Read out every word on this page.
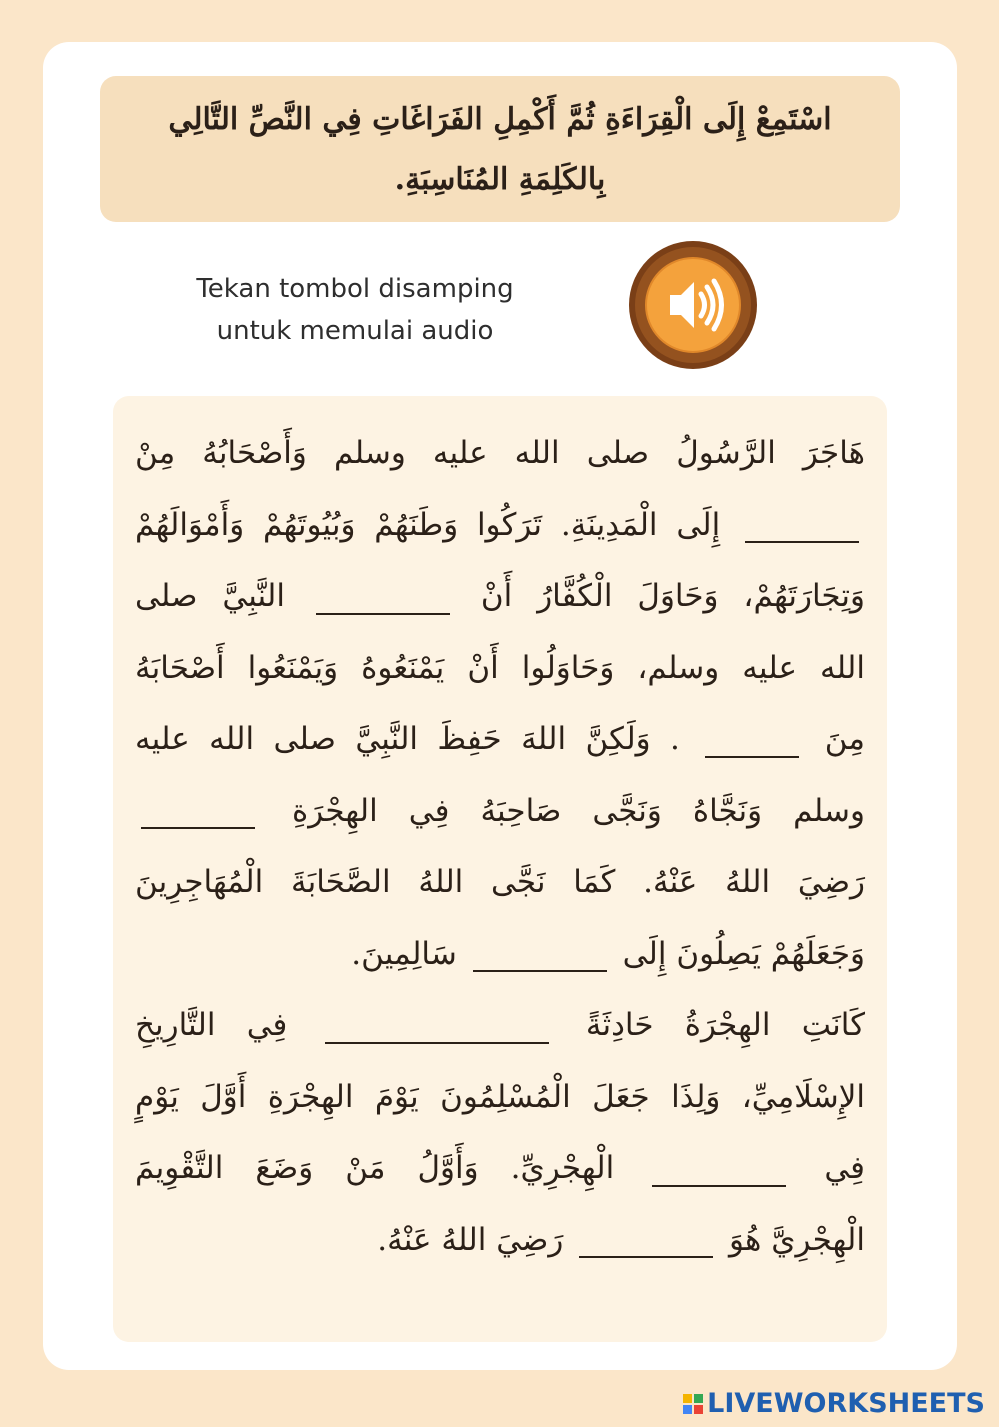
اسْتَمِعْ إِلَى الْقِرَاءَةِ ثُمَّ أَكْمِلِ الفَرَاغَاتِ فِي النَّصِّ التَّالِي بِالكَلِمَةِ المُنَاسِبَةِ.
Tekan tombol disamping
untuk memulai audio
هَاجَرَ الرَّسُولُ صلى الله عليه وسلم وَأَصْحَابُهُ مِنْ
إِلَى الْمَدِينَةِ. تَرَكُوا وَطَنَهُمْ وَبُيُوتَهُمْ وَأَمْوَالَهُمْ
وَتِجَارَتَهُمْ، وَحَاوَلَ الْكُفَّارُ أَنْ  النَّبِيَّ صلى
الله عليه وسلم، وَحَاوَلُوا أَنْ يَمْنَعُوهُ وَيَمْنَعُوا أَصْحَابَهُ
مِنَ  . وَلَكِنَّ اللهَ حَفِظَ النَّبِيَّ صلى الله عليه
وسلم وَنَجَّاهُ وَنَجَّى صَاحِبَهُ فِي الهِجْرَةِ
رَضِيَ اللهُ عَنْهُ. كَمَا نَجَّى اللهُ الصَّحَابَةَ الْمُهَاجِرِينَ
وَجَعَلَهُمْ يَصِلُونَ إِلَى  سَالِمِينَ.
كَانَتِ الهِجْرَةُ حَادِثَةً  فِي التَّارِيخِ
الإِسْلَامِيِّ، وَلِذَا جَعَلَ الْمُسْلِمُونَ يَوْمَ الهِجْرَةِ أَوَّلَ يَوْمٍ
فِي  الْهِجْرِيِّ. وَأَوَّلُ مَنْ وَضَعَ التَّقْوِيمَ
الْهِجْرِيَّ هُوَ  رَضِيَ اللهُ عَنْهُ.
LIVEWORKSHEETS
